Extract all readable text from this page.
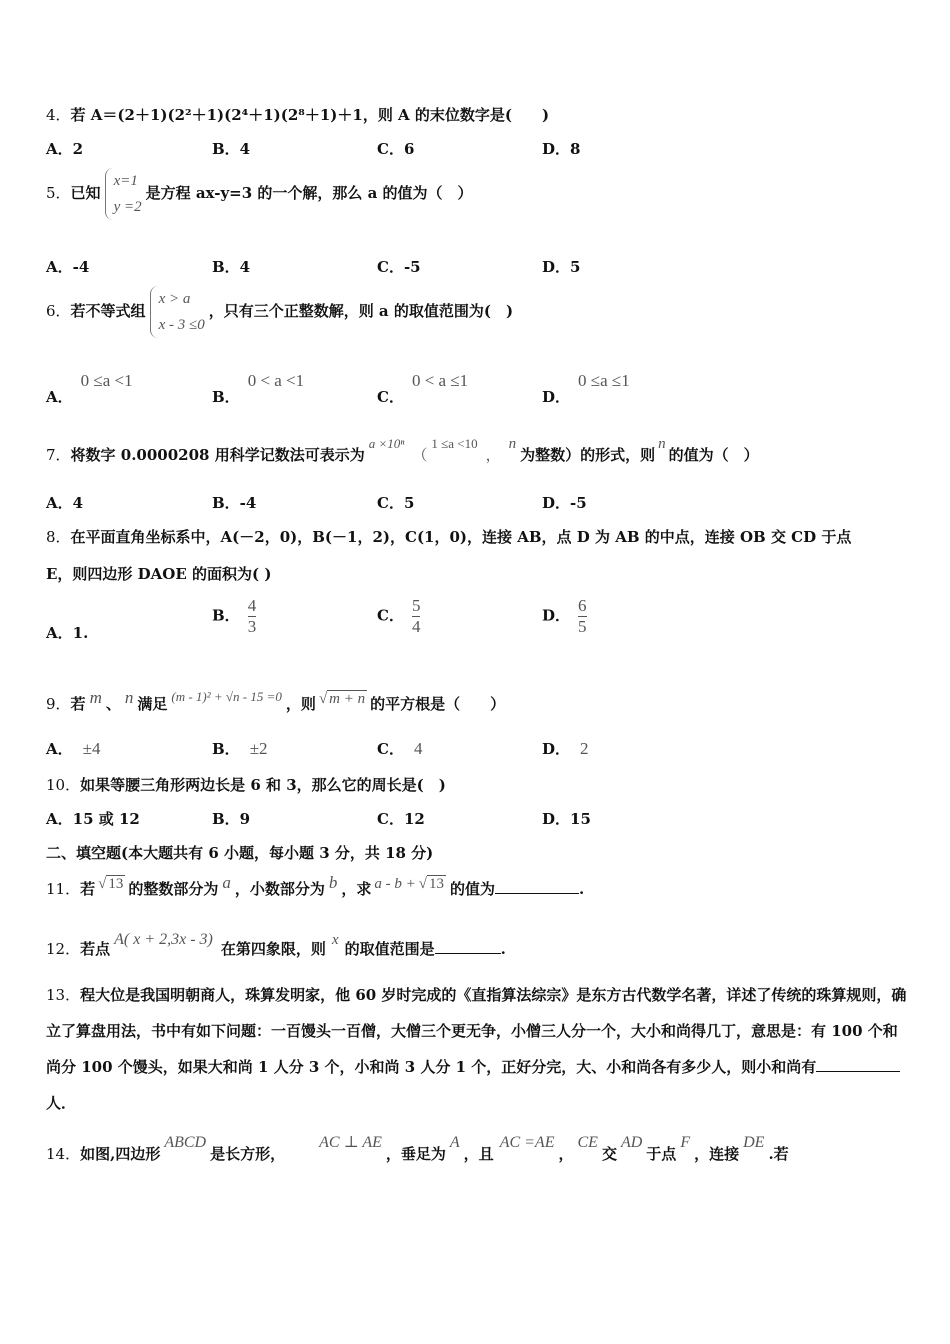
4．若 A＝(2＋1)(2²＋1)(2⁴＋1)(2⁸＋1)＋1，则 A 的末位数字是(　　)
A．2	B．4	C．6	D．8
5．已知
x=1
y =2
是方程 ax-y=3 的一个解，那么 a 的值为（　）
A．-4	B．4	C．-5	D．5
6．若不等式组
x > a
x - 3 ≤0
，只有三个正整数解，则 a 的取值范围为(　)
A．0 ≤a <1
B．0 < a <1
C．0 < a ≤1
D．0 ≤a ≤1
7．将数字 0.0000208 用科学记数法可表示为a ×10ⁿ（1 ≤a <10，n为整数）的形式，则n的值为（　）
A．4	B．-4	C．5	D．-5
8．在平面直角坐标系中，A(－2，0)，B(－1，2)，C(1，0)，连接 AB，点 D 为 AB 的中点，连接 OB 交 CD 于点
E，则四边形 DAOE 的面积为( )
A．1.
B． $\frac{4}{3}$	C． $\frac{5}{4}$	D． $\frac{6}{5}$
9．若 m 、 n 满足 (m - 1)² + √n - 15 =0 ，则 √ m + n 的平方根是（　　）
A． ±4	B． ±2	C． 4	D． 2
10．如果等腰三角形两边长是 6 和 3，那么它的周长是(　)
A．15 或 12	B．9	C．12	D．15
二、填空题(本大题共有 6 小题，每小题 3 分，共 18 分)
11．若 √ 13 的整数部分为 a ，小数部分为 b ，求 a - b + √ 13 的值为	.
12．若点A( x + 2,3x - 3)在第四象限，则 x 的取值范围是	.
13．程大位是我国明朝商人，珠算发明家，他 60 岁时完成的《直指算法综宗》是东方古代数学名著，详述了传统的珠算规则，确立了算盘用法，书中有如下问题：一百馒头一百僧，大僧三个更无争，小僧三人分一个，大小和尚得几丁，意思是：有 100 个和尚分 100 个馒头，如果大和尚 1 人分 3 个，小和尚 3 人分 1 个，正好分完，大、小和尚各有多少人，则小和尚有人．
14．如图,四边形ABCD是长方形，AC ⊥ AE，垂足为A，且AC =AE，CE交AD于点F，连接DE.若
